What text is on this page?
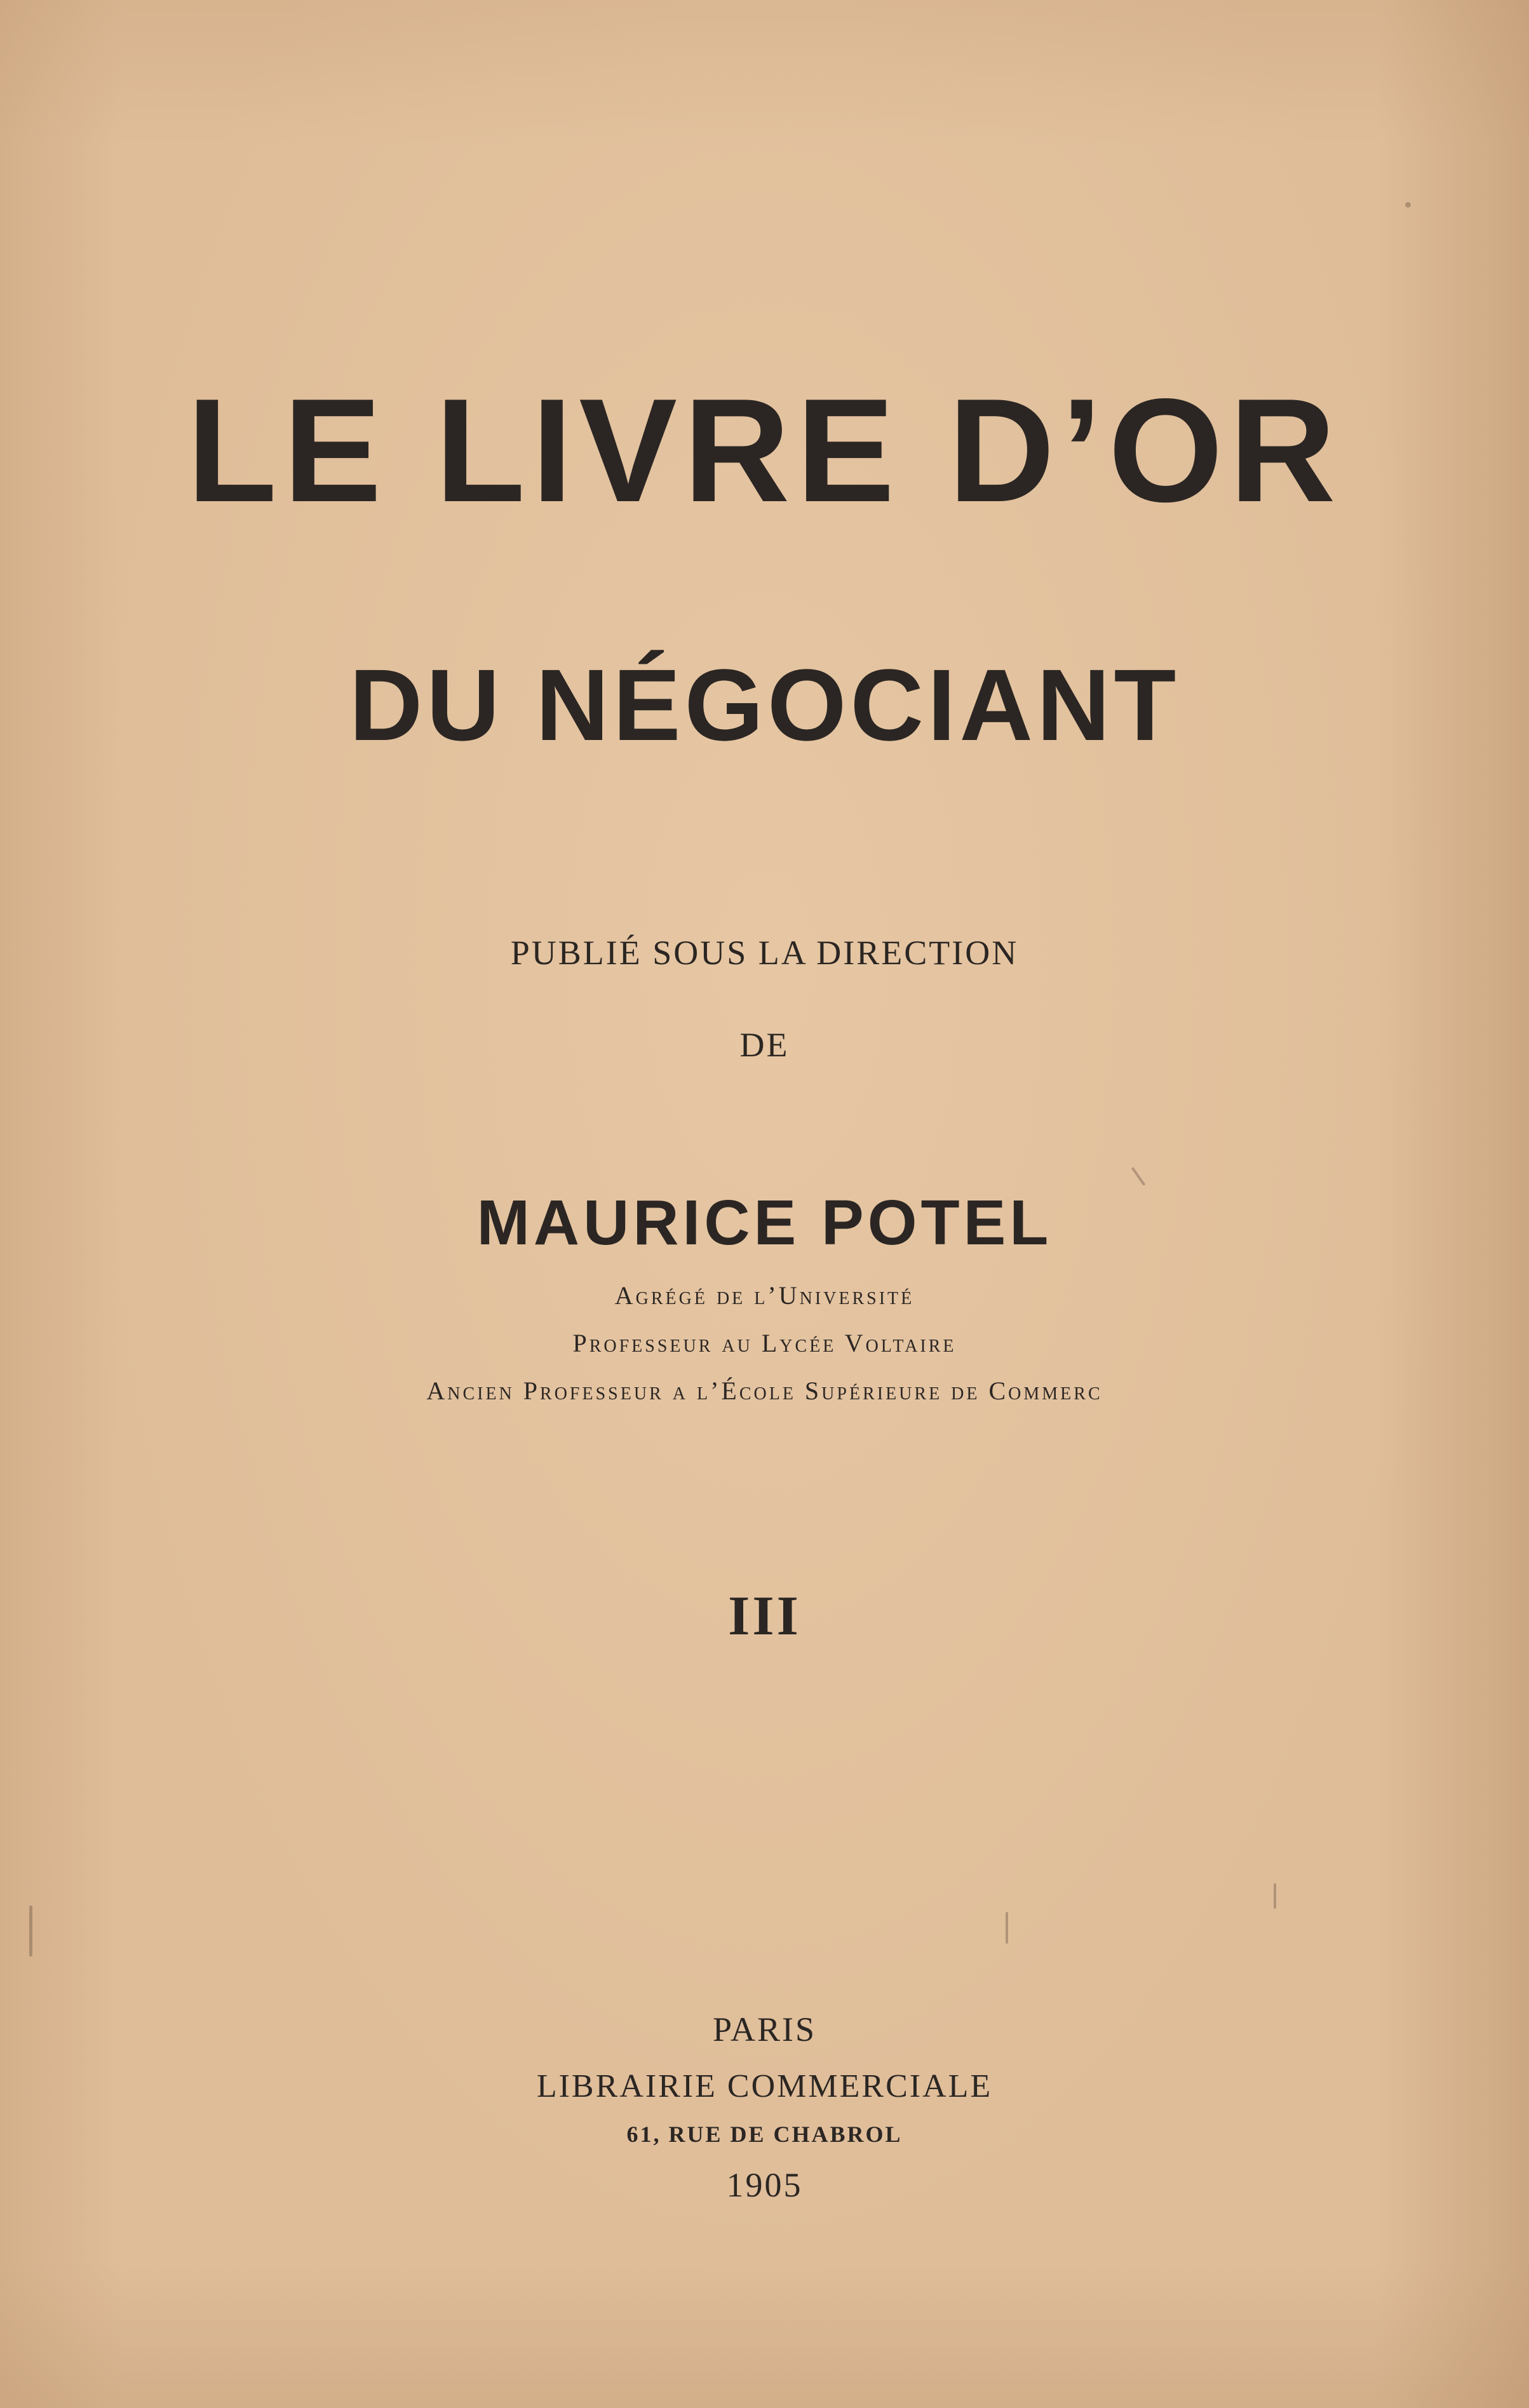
LE LIVRE D’OR
DU NÉGOCIANT
PUBLIÉ SOUS LA DIRECTION
DE
MAURICE POTEL
Agrégé de l’Université
Professeur au Lycée Voltaire
Ancien Professeur a l’École Supérieure de Commerc
III
PARIS
LIBRAIRIE COMMERCIALE
61, RUE DE CHABROL
1905
